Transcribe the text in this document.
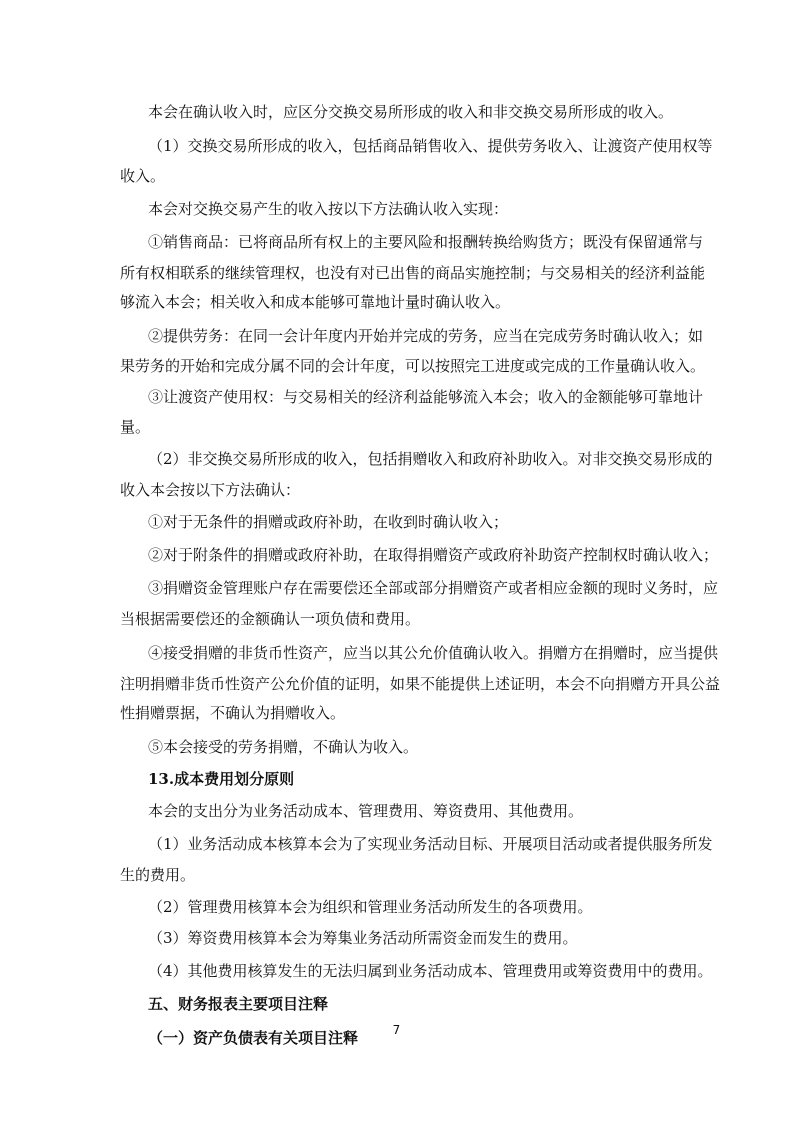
本会在确认收入时，应区分交换交易所形成的收入和非交换交易所形成的收入。
（1）交换交易所形成的收入，包括商品销售收入、提供劳务收入、让渡资产使用权等
收入。
本会对交换交易产生的收入按以下方法确认收入实现：
①销售商品：已将商品所有权上的主要风险和报酬转换给购货方；既没有保留通常与
所有权相联系的继续管理权，也没有对已出售的商品实施控制；与交易相关的经济利益能
够流入本会；相关收入和成本能够可靠地计量时确认收入。
②提供劳务：在同一会计年度内开始并完成的劳务，应当在完成劳务时确认收入；如
果劳务的开始和完成分属不同的会计年度，可以按照完工进度或完成的工作量确认收入。
③让渡资产使用权：与交易相关的经济利益能够流入本会；收入的金额能够可靠地计
量。
（2）非交换交易所形成的收入，包括捐赠收入和政府补助收入。对非交换交易形成的
收入本会按以下方法确认：
①对于无条件的捐赠或政府补助，在收到时确认收入；
②对于附条件的捐赠或政府补助，在取得捐赠资产或政府补助资产控制权时确认收入；
③捐赠资金管理账户存在需要偿还全部或部分捐赠资产或者相应金额的现时义务时，应
当根据需要偿还的金额确认一项负债和费用。
④接受捐赠的非货币性资产，应当以其公允价值确认收入。捐赠方在捐赠时，应当提供
注明捐赠非货币性资产公允价值的证明，如果不能提供上述证明，本会不向捐赠方开具公益
性捐赠票据，不确认为捐赠收入。
⑤本会接受的劳务捐赠，不确认为收入。
13.成本费用划分原则
本会的支出分为业务活动成本、管理费用、筹资费用、其他费用。
（1）业务活动成本核算本会为了实现业务活动目标、开展项目活动或者提供服务所发
生的费用。
（2）管理费用核算本会为组织和管理业务活动所发生的各项费用。
（3）筹资费用核算本会为筹集业务活动所需资金而发生的费用。
（4）其他费用核算发生的无法归属到业务活动成本、管理费用或筹资费用中的费用。
五、财务报表主要项目注释
（一）资产负债表有关项目注释	7
